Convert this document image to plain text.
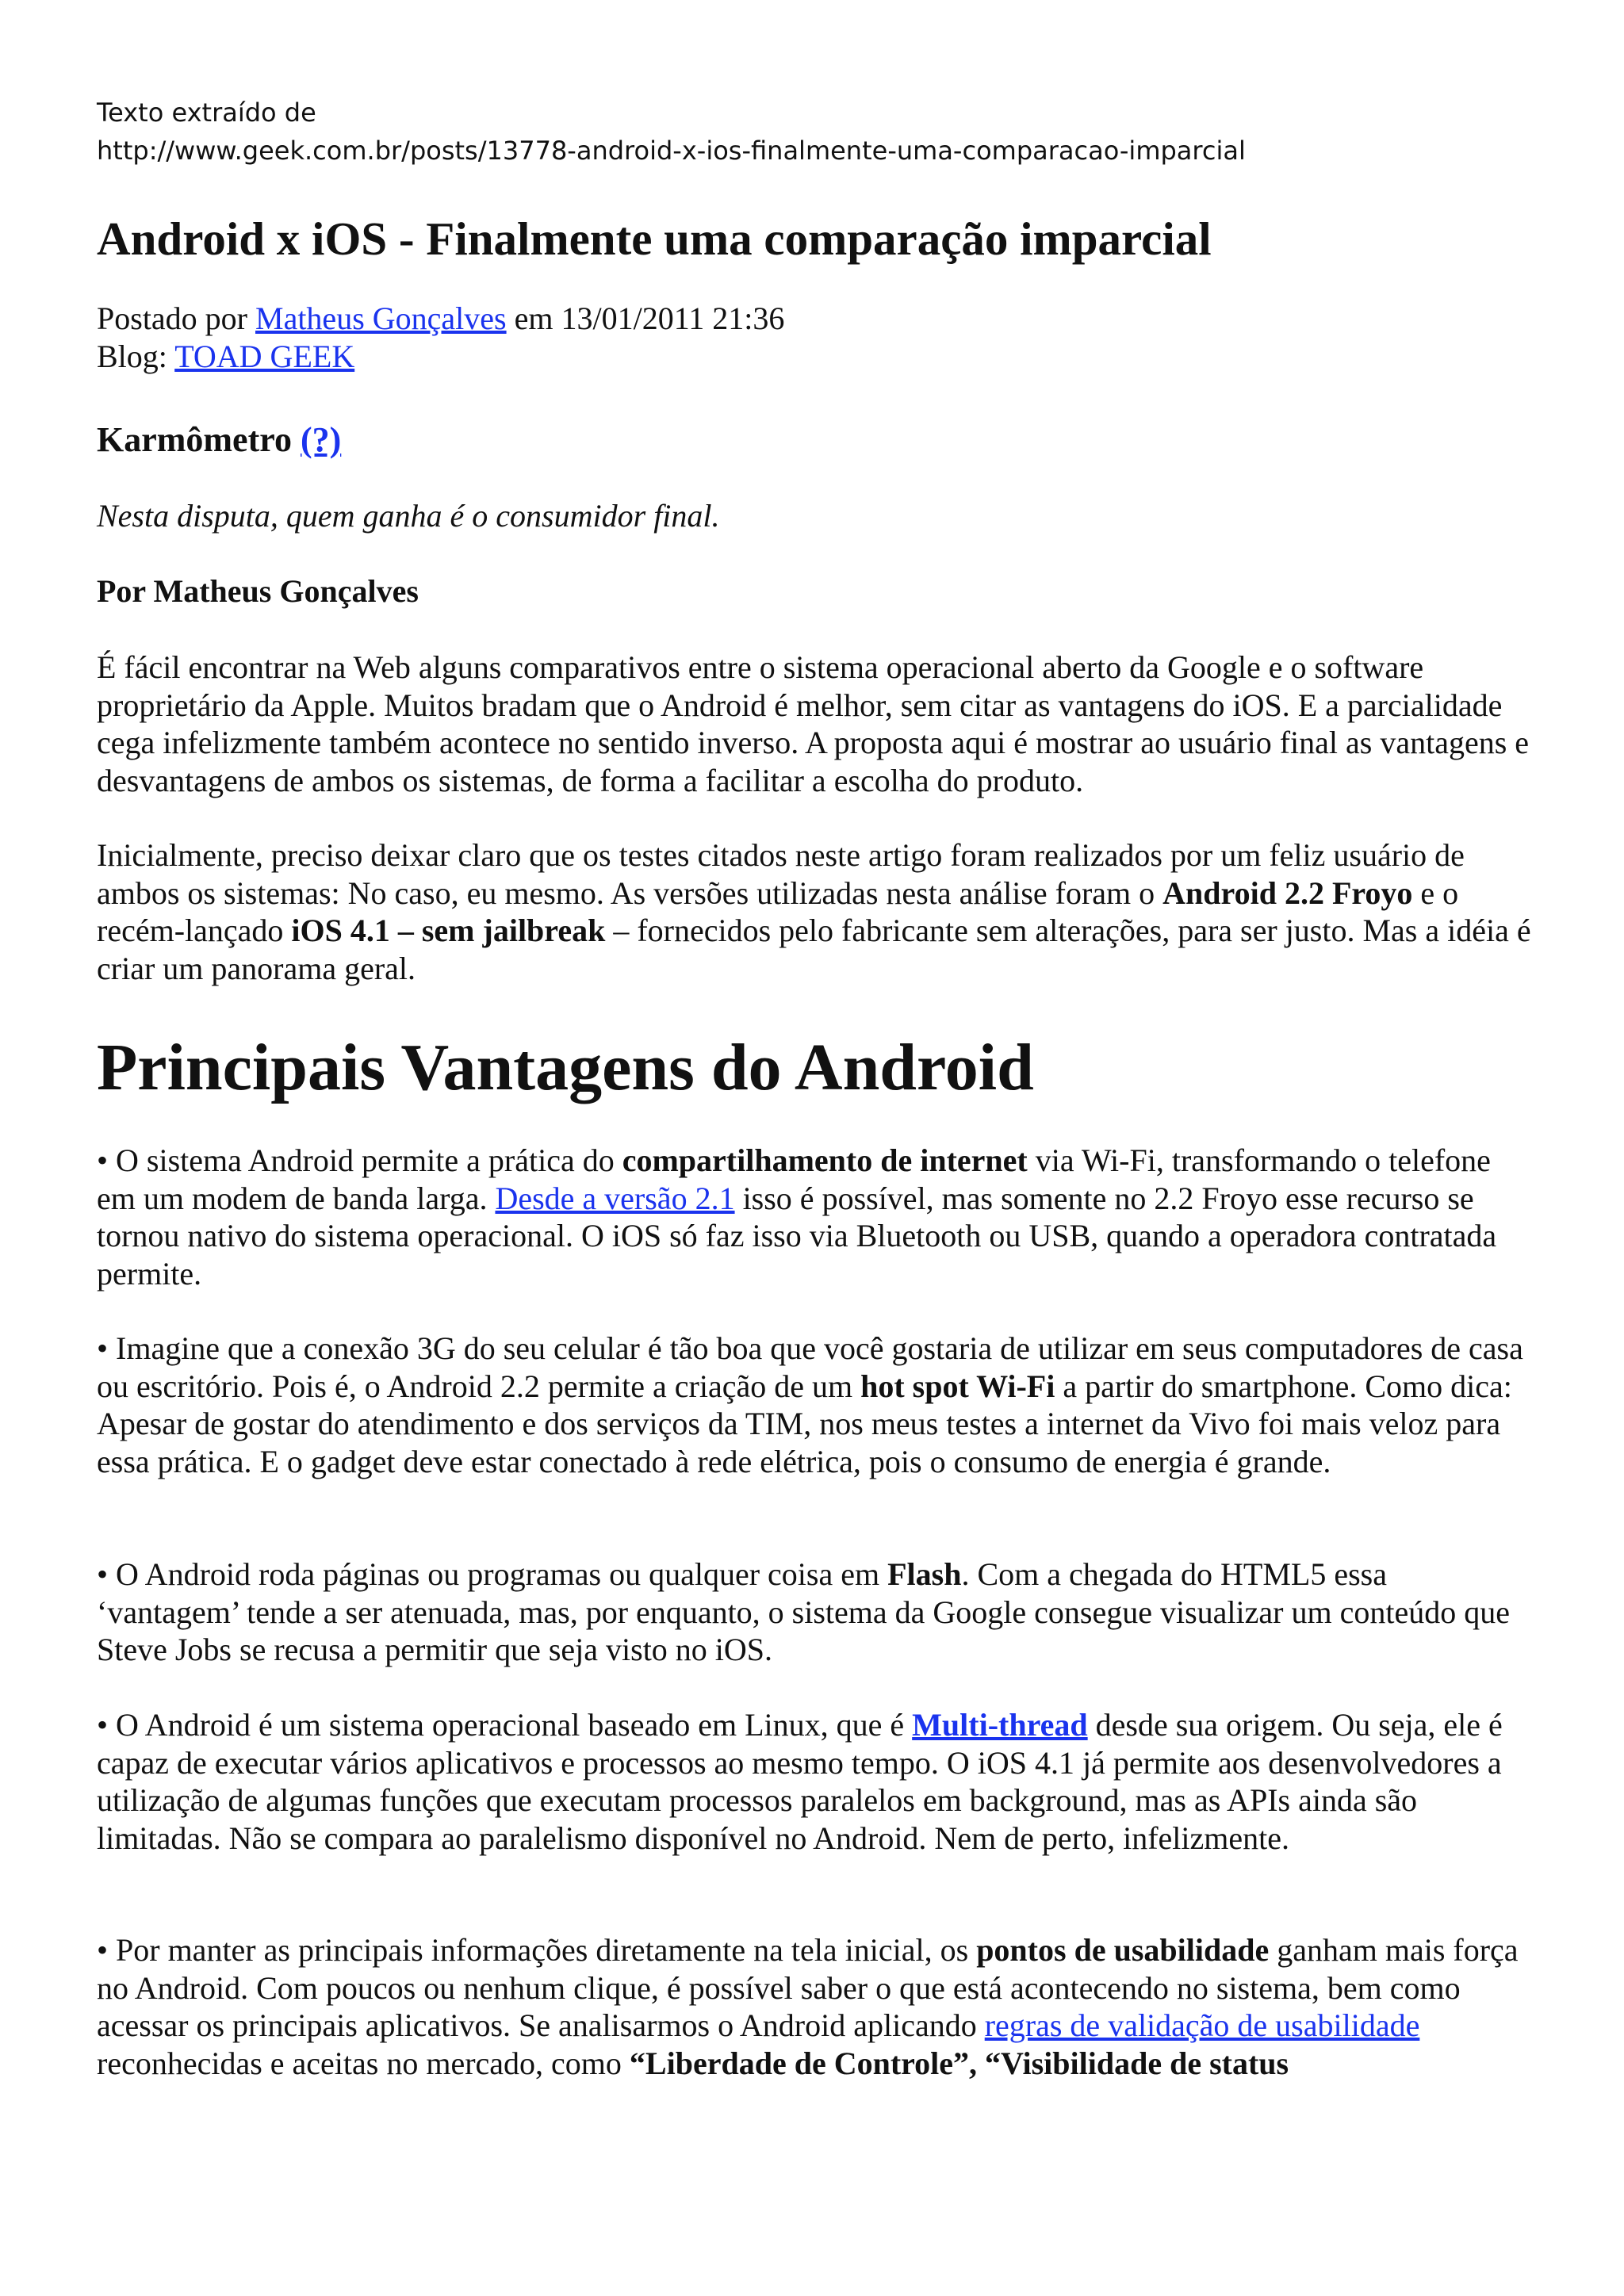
Texto extraído de
http://www.geek.com.br/posts/13778-android-x-ios-finalmente-uma-comparacao-imparcial
Android x iOS - Finalmente uma comparação imparcial
Postado por Matheus Gonçalves em 13/01/2011 21:36
Blog: TOAD GEEK
Karmômetro (?)

Nesta disputa, quem ganha é o consumidor final.

Por Matheus Gonçalves

É fácil encontrar na Web alguns comparativos entre o sistema operacional aberto da Google e o software proprietário da Apple. Muitos bradam que o Android é melhor, sem citar as vantagens do iOS. E a parcialidade cega infelizmente também acontece no sentido inverso. A proposta aqui é mostrar ao usuário final as vantagens e desvantagens de ambos os sistemas, de forma a facilitar a escolha do produto.

Inicialmente, preciso deixar claro que os testes citados neste artigo foram realizados por um feliz usuário de ambos os sistemas: No caso, eu mesmo. As versões utilizadas nesta análise foram o Android 2.2 Froyo e o recém-lançado iOS 4.1 – sem jailbreak – fornecidos pelo fabricante sem alterações, para ser justo. Mas a idéia é criar um panorama geral.

Principais Vantagens do Android

• O sistema Android permite a prática do compartilhamento de internet via Wi-Fi, transformando o telefone em um modem de banda larga. Desde a versão 2.1 isso é possível, mas somente no 2.2 Froyo esse recurso se tornou nativo do sistema operacional. O iOS só faz isso via Bluetooth ou USB, quando a operadora contratada permite.

• Imagine que a conexão 3G do seu celular é tão boa que você gostaria de utilizar em seus computadores de casa ou escritório. Pois é, o Android 2.2 permite a criação de um hot spot Wi-Fi a partir do smartphone. Como dica: Apesar de gostar do atendimento e dos serviços da TIM, nos meus testes a internet da Vivo foi mais veloz para essa prática. E o gadget deve estar conectado à rede elétrica, pois o consumo de energia é grande.

• O Android roda páginas ou programas ou qualquer coisa em Flash. Com a chegada do HTML5 essa ‘vantagem’ tende a ser atenuada, mas, por enquanto, o sistema da Google consegue visualizar um conteúdo que Steve Jobs se recusa a permitir que seja visto no iOS.

• O Android é um sistema operacional baseado em Linux, que é Multi-thread desde sua origem. Ou seja, ele é capaz de executar vários aplicativos e processos ao mesmo tempo. O iOS 4.1 já permite aos desenvolvedores a utilização de algumas funções que executam processos paralelos em background, mas as APIs ainda são limitadas. Não se compara ao paralelismo disponível no Android. Nem de perto, infelizmente.

• Por manter as principais informações diretamente na tela inicial, os pontos de usabilidade ganham mais força no Android. Com poucos ou nenhum clique, é possível saber o que está acontecendo no sistema, bem como acessar os principais aplicativos. Se analisarmos o Android aplicando regras de validação de usabilidade reconhecidas e aceitas no mercado, como “Liberdade de Controle”, “Visibilidade de status
